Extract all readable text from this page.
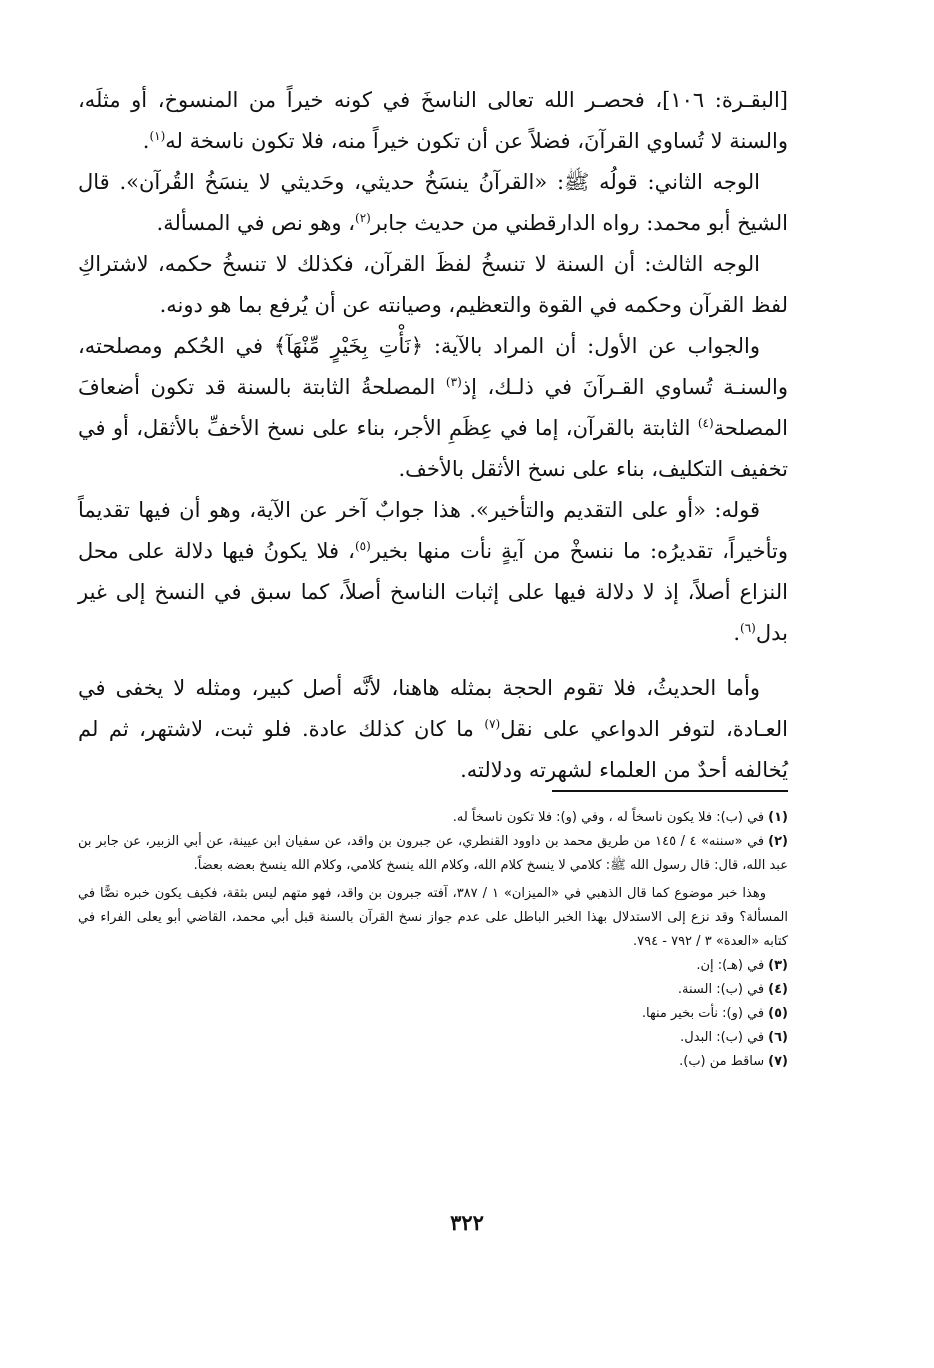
[البقـرة: ١٠٦]، فحصـر الله تعالى الناسخَ في كونه خيراً من المنسوخ، أو مثلَه، والسنة لا تُساوي القرآنَ، فضلاً عن أن تكون خيراً منه، فلا تكون ناسخة له$^{(١)}$.

الوجه الثاني: قولُه ﷺ: «القرآنُ ينسَخُ حديثي، وحَديثي لا ينسَخُ القُرآن». قال الشيخ أبو محمد: رواه الدارقطني من حديث جابر$^{(٢)}$، وهو نص في المسألة.

الوجه الثالث: أن السنة لا تنسخُ لفظَ القرآن، فكذلك لا تنسخُ حكمه، لاشتراكِ لفظ القرآن وحكمه في القوة والتعظيم، وصيانته عن أن يُرفع بما هو دونه.

والجواب عن الأول: أن المراد بالآية: ﴿نَأْتِ بِخَيْرٍ مِّنْهَآ﴾ في الحُكم ومصلحته، والسنـة تُساوي القـرآنَ في ذلـك، إذ$^{(٣)}$ المصلحةُ الثابتة بالسنة قد تكون أضعافَ المصلحة$^{(٤)}$ الثابتة بالقرآن، إما في عِظَمِ الأجر، بناء على نسخ الأخفِّ بالأثقل، أو في تخفيف التكليف، بناء على نسخ الأثقل بالأخف.

قوله: «أو على التقديم والتأخير». هذا جوابٌ آخر عن الآية، وهو أن فيها تقديماً وتأخيراً، تقديرُه: ما ننسخْ من آيةٍ نأت منها بخير$^{(٥)}$، فلا يكونُ فيها دلالة على محل النزاع أصلاً، إذ لا دلالة فيها على إثبات الناسخ أصلاً، كما سبق في النسخ إلى غير بدل$^{(٦)}$.

وأما الحديثُ، فلا تقوم الحجة بمثله هاهنا، لأنَّه أصل كبير، ومثله لا يخفى في العـادة، لتوفر الدواعي على نقل$^{(٧)}$ ما كان كذلك عادة. فلو ثبت، لاشتهر، ثم لم يُخالفه أحدٌ من العلماء لشهرته ودلالته.

(١)في (ب): فلا يكون ناسخاً له ، وفي (و): فلا تكون ناسخاً له.
(٢)في «سننه» ٤ / ١٤٥ من طريق محمد بن داوود القنطري، عن جبرون بن واقد، عن سفيان ابن عيينة، عن أبي الزبير، عن جابر بن عبد الله، قال: قال رسول الله ﷺ: كلامي لا ينسخ كلام الله، وكلام الله ينسخ كلامي، وكلام الله ينسخ بعضه بعضاً.

وهذا خبر موضوع كما قال الذهبي في «الميزان» ١ / ٣٨٧، آفته جبرون بن واقد، فهو متهم ليس بثقة، فكيف يكون خبره نصًّا في المسألة؟ وقد نزع إلى الاستدلال بهذا الخبر الباطل على عدم جواز نسخ القرآن بالسنة قبل أبي محمد، القاضي أبو يعلى الفراء في كتابه «العدة» ٣ / ٧٩٢ - ٧٩٤.

(٣)في (هـ): إن.
(٤)في (ب): السنة.
(٥)في (و): نأت بخير منها.
(٦)في (ب): البدل.
(٧)ساقط من (ب).
٣٢٢
